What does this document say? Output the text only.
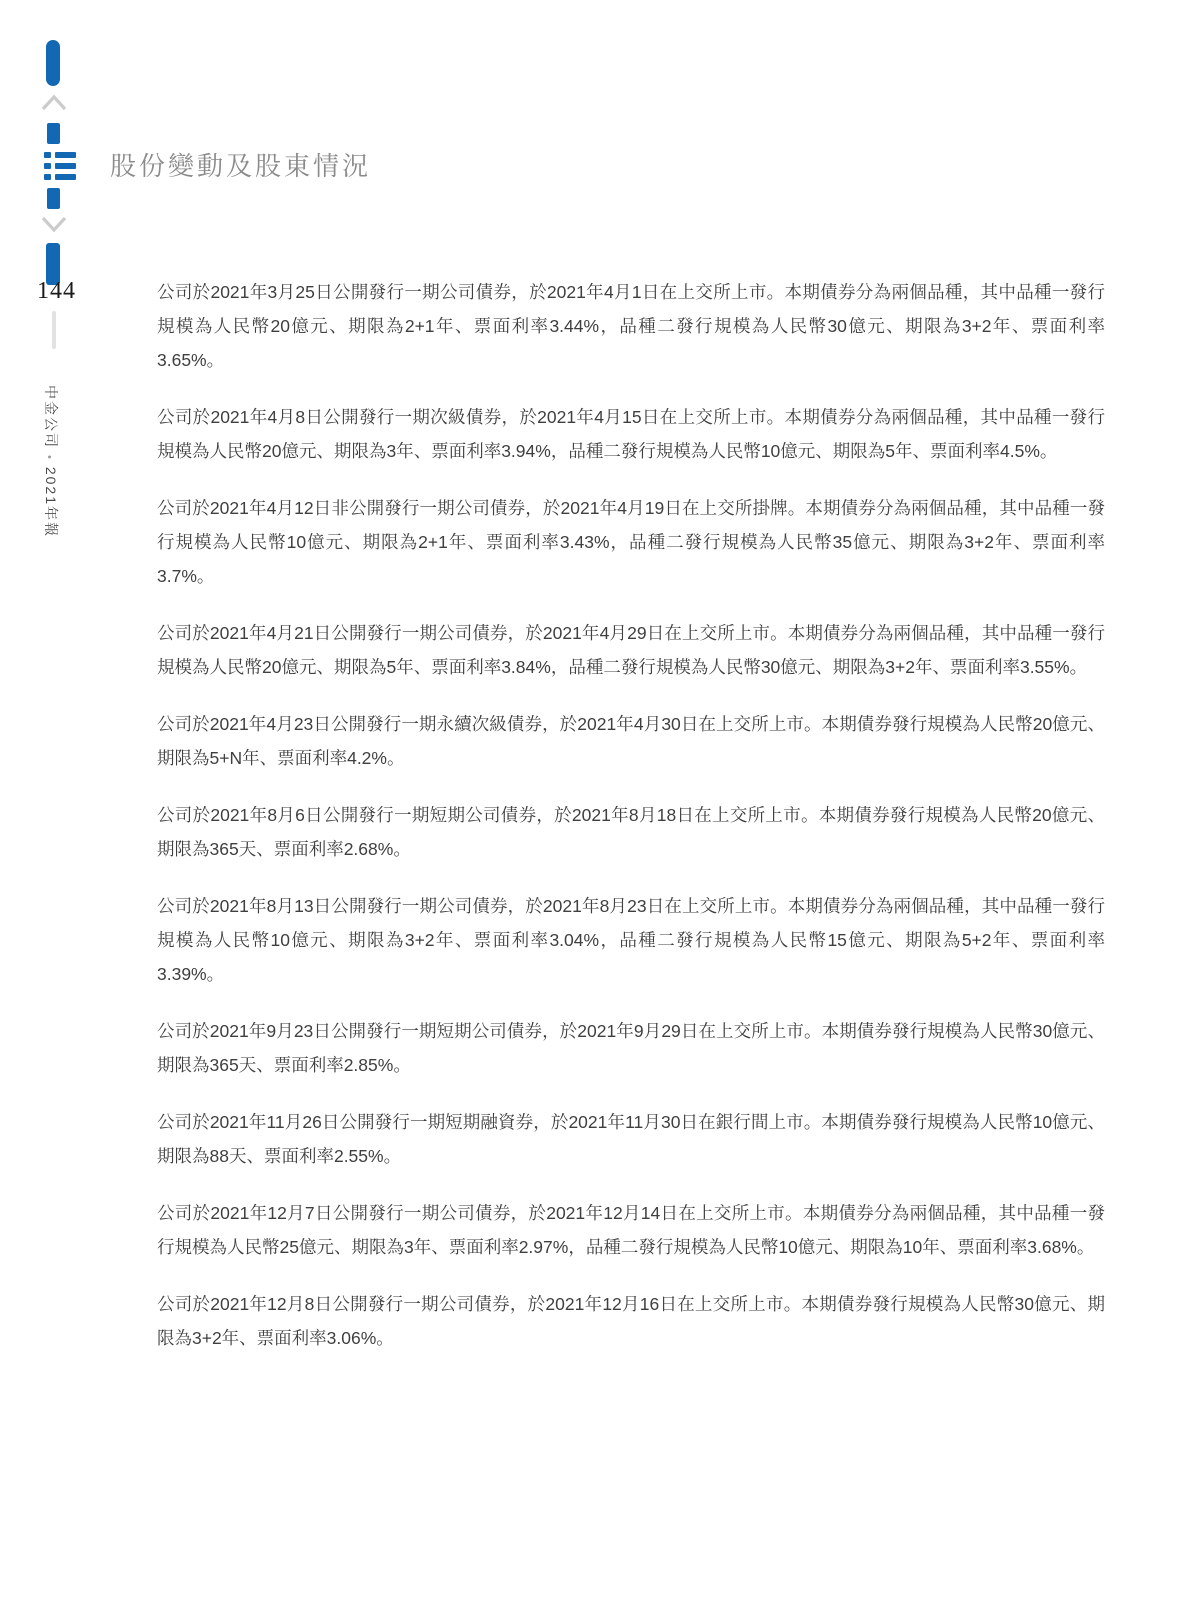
144
中金公司•2021年報
股份變動及股東情況
公司於2021年3月25日公開發行一期公司債券，於2021年4月1日在上交所上市。本期債券分為兩個品種，其中品種一發行規模為人民幣20億元、期限為2+1年、票面利率3.44%，品種二發行規模為人民幣30億元、期限為3+2年、票面利率3.65%。
公司於2021年4月8日公開發行一期次級債券，於2021年4月15日在上交所上市。本期債券分為兩個品種，其中品種一發行規模為人民幣20億元、期限為3年、票面利率3.94%，品種二發行規模為人民幣10億元、期限為5年、票面利率4.5%。
公司於2021年4月12日非公開發行一期公司債券，於2021年4月19日在上交所掛牌。本期債券分為兩個品種，其中品種一發行規模為人民幣10億元、期限為2+1年、票面利率3.43%，品種二發行規模為人民幣35億元、期限為3+2年、票面利率3.7%。
公司於2021年4月21日公開發行一期公司債券，於2021年4月29日在上交所上市。本期債券分為兩個品種，其中品種一發行規模為人民幣20億元、期限為5年、票面利率3.84%，品種二發行規模為人民幣30億元、期限為3+2年、票面利率3.55%。
公司於2021年4月23日公開發行一期永續次級債券，於2021年4月30日在上交所上市。本期債券發行規模為人民幣20億元、期限為5+N年、票面利率4.2%。
公司於2021年8月6日公開發行一期短期公司債券，於2021年8月18日在上交所上市。本期債券發行規模為人民幣20億元、期限為365天、票面利率2.68%。
公司於2021年8月13日公開發行一期公司債券，於2021年8月23日在上交所上市。本期債券分為兩個品種，其中品種一發行規模為人民幣10億元、期限為3+2年、票面利率3.04%，品種二發行規模為人民幣15億元、期限為5+2年、票面利率3.39%。
公司於2021年9月23日公開發行一期短期公司債券，於2021年9月29日在上交所上市。本期債券發行規模為人民幣30億元、期限為365天、票面利率2.85%。
公司於2021年11月26日公開發行一期短期融資券，於2021年11月30日在銀行間上市。本期債券發行規模為人民幣10億元、期限為88天、票面利率2.55%。
公司於2021年12月7日公開發行一期公司債券，於2021年12月14日在上交所上市。本期債券分為兩個品種，其中品種一發行規模為人民幣25億元、期限為3年、票面利率2.97%，品種二發行規模為人民幣10億元、期限為10年、票面利率3.68%。
公司於2021年12月8日公開發行一期公司債券，於2021年12月16日在上交所上市。本期債券發行規模為人民幣30億元、期限為3+2年、票面利率3.06%。
